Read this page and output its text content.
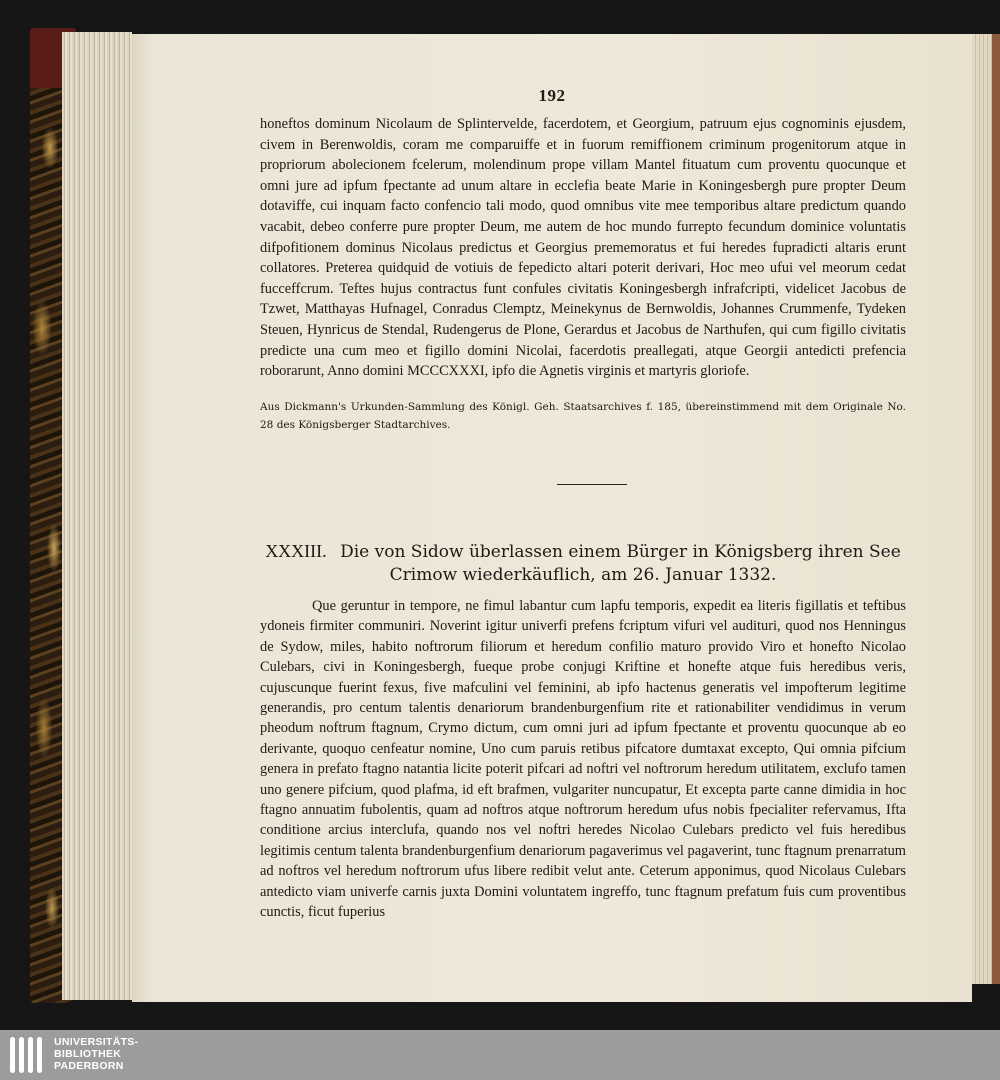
192

honeftos dominum Nicolaum de Splintervelde, facerdotem, et Georgium, patruum ejus cognominis ejusdem, civem in Berenwoldis, coram me comparuiffe et in fuorum remiffionem criminum progenitorum atque in propriorum abolecionem fcelerum, molendinum prope villam Mantel fituatum cum proventu quocunque et omni jure ad ipfum fpectante ad unum altare in ecclefia beate Marie in Koningesbergh pure propter Deum dotaviffe, cui inquam facto confencio tali modo, quod omnibus vite mee temporibus altare predictum quando vacabit, debeo conferre pure propter Deum, me autem de hoc mundo furrepto fecundum dominice voluntatis difpofitionem dominus Nicolaus predictus et Georgius prememoratus et fui heredes fupradicti altaris erunt collatores. Preterea quidquid de votiuis de fepedicto altari poterit derivari, Hoc meo ufui vel meorum cedat fucceffcrum. Teftes hujus contractus funt confules civitatis Koningesbergh infrafcripti, videlicet Jacobus de Tzwet, Matthayas Hufnagel, Conradus Clemptz, Meinekynus de Bernwoldis, Johannes Crummenfe, Tydeken Steuen, Hynricus de Stendal, Rudengerus de Plone, Gerardus et Jacobus de Narthufen, qui cum figillo civitatis predicte una cum meo et figillo domini Nicolai, facerdotis preallegati, atque Georgii antedicti prefencia roborarunt, Anno domini MCCCXXXI, ipfo die Agnetis virginis et martyris gloriofe.

Aus Dickmann's Urkunden-Sammlung des Königl. Geh. Staatsarchives f. 185, übereinstimmend mit dem Originale No. 28 des Königsberger Stadtarchives.

XXXIII. Die von Sidow überlassen einem Bürger in Königsberg ihren See Crimow wiederkäuflich, am 26. Januar 1332.

Que geruntur in tempore, ne fimul labantur cum lapfu temporis, expedit ea literis figillatis et teftibus ydoneis firmiter communiri. Noverint igitur univerfi prefens fcriptum vifuri vel audituri, quod nos Henningus de Sydow, miles, habito noftrorum filiorum et heredum confilio maturo provido Viro et honefto Nicolao Culebars, civi in Koningesbergh, fueque probe conjugi Kriftine et honefte atque fuis heredibus veris, cujuscunque fuerint fexus, five mafculini vel feminini, ab ipfo hactenus generatis vel impofterum legitime generandis, pro centum talentis denariorum brandenburgenfium rite et rationabiliter vendidimus in verum pheodum noftrum ftagnum, Crymo dictum, cum omni juri ad ipfum fpectante et proventu quocunque ab eo derivante, quoquo cenfeatur nomine, Uno cum paruis retibus pifcatore dumtaxat excepto, Qui omnia pifcium genera in prefato ftagno natantia licite poterit pifcari ad noftri vel noftrorum heredum utilitatem, exclufo tamen uno genere pifcium, quod plafma, id eft brafmen, vulgariter nuncupatur, Et excepta parte canne dimidia in hoc ftagno annuatim fubolentis, quam ad noftros atque noftrorum heredum ufus nobis fpecialiter refervamus, Ifta conditione arcius interclufa, quando nos vel noftri heredes Nicolao Culebars predicto vel fuis heredibus legitimis centum talenta brandenburgenfium denariorum pagaverimus vel pagaverint, tunc ftagnum prenarratum ad noftros vel heredum noftrorum ufus libere redibit velut ante. Ceterum apponimus, quod Nicolaus Culebars antedicto viam univerfe carnis juxta Domini voluntatem ingreffo, tunc ftagnum prefatum fuis cum proventibus cunctis, ficut fuperius

UNIVERSITÄTS-
BIBLIOTHEK
PADERBORN
